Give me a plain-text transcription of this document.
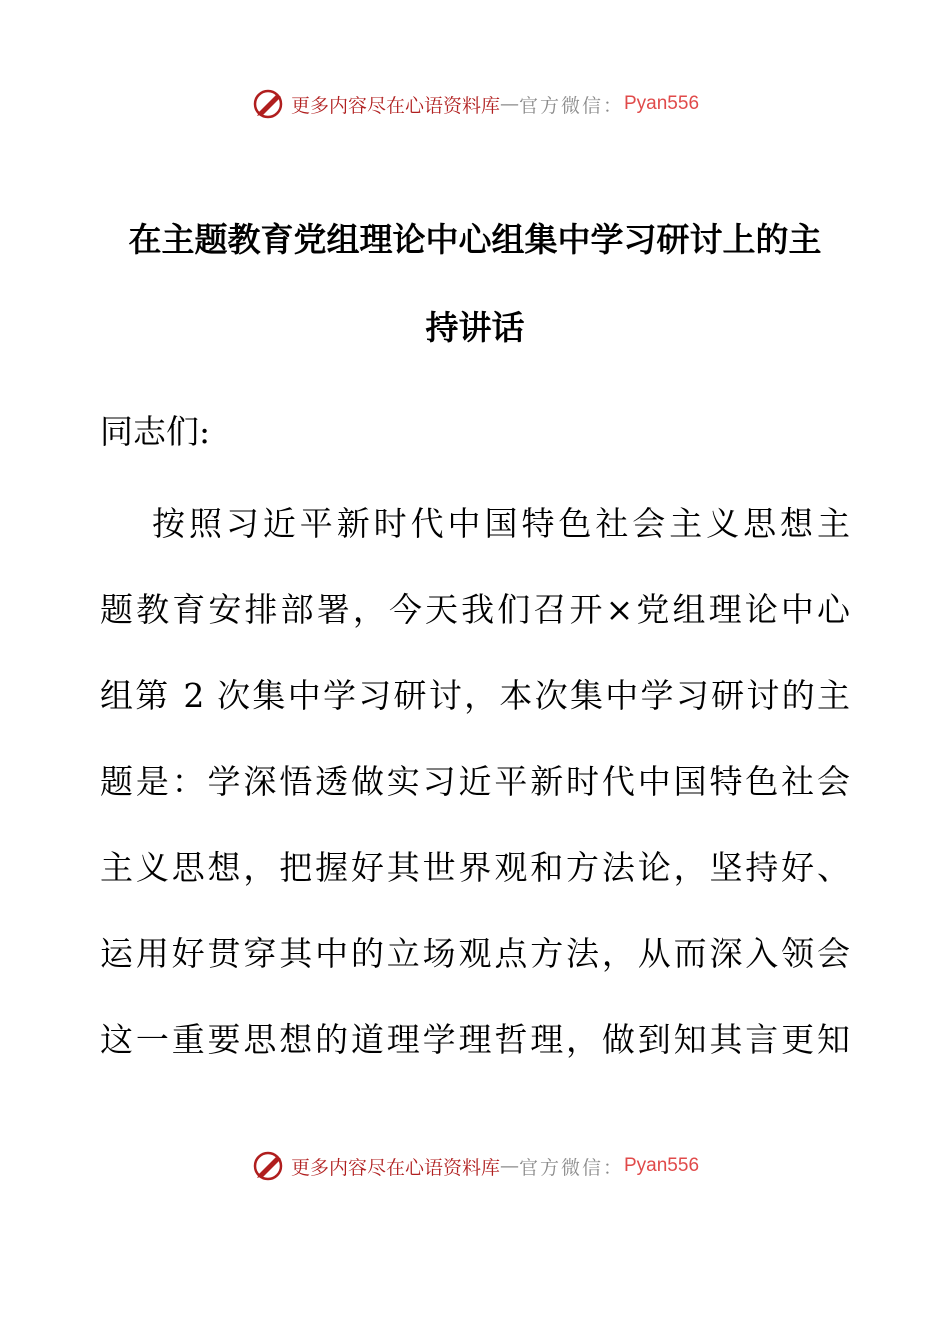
更多内容尽在心语资料库 — 官方微信： Pyan556
在主题教育党组理论中心组集中学习研讨上的主
持讲话
同志们:
按照习近平新时代中国特色社会主义思想主
题教育安排部署，今天我们召开×党组理论中心
组第 2 次集中学习研讨，本次集中学习研讨的主
题是：学深悟透做实习近平新时代中国特色社会
主义思想，把握好其世界观和方法论，坚持好、
运用好贯穿其中的立场观点方法，从而深入领会
这一重要思想的道理学理哲理，做到知其言更知
更多内容尽在心语资料库 — 官方微信： Pyan556
